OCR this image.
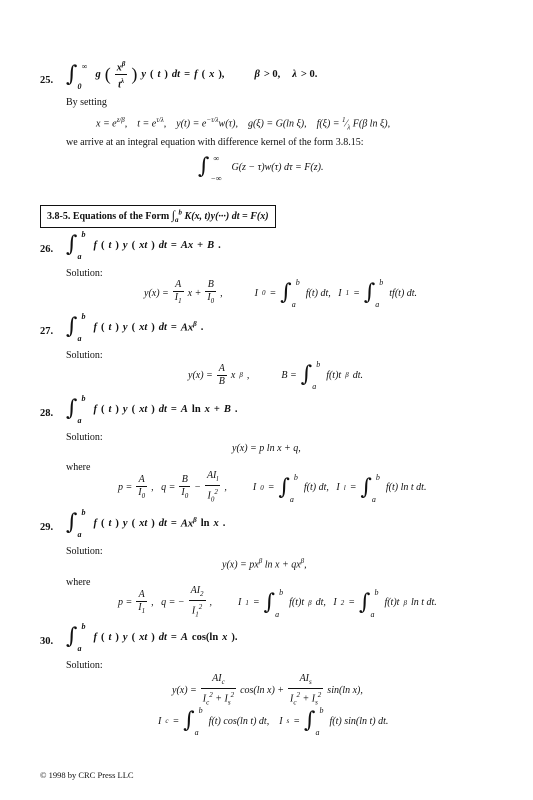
25. ∫ ∞
0
g ( $\frac{x^\beta}{t^\lambda}$ ) y ( t ) dt = f ( x ),	β > 0, λ > 0.
By setting
$x = e^{z/\beta}$,    $t = e^{\tau/\lambda}$,    $y(t) = e^{-\tau/\lambda}w(\tau)$,    g(ξ) = G(ln ξ),    $f(\xi) = ^1⁄_\lambda$ F(β ln ξ),
we arrive at an integral equation with difference kernel of the form 3.8.15:
∫ ∞
−∞
G(z − τ)w(τ) dτ = F(z).
3.8-5. Equations of the Form $\int_a^b$ K(x, t)y(···) dt = F(x)
26. ∫ b
a
f ( t ) y ( xt ) dt = Ax + B .
Solution:
$y(x) = \frac{A}{I_1}$ $x + \frac{B}{I_0}$ ,	I 0 = ∫ b
a
f(t) dt,   I 1 = ∫ b
a
tf(t) dt.
27. ∫ b
a
f ( t ) y ( xt ) dt = $Ax^\beta$ .
Solution:
$y(x) = \frac{A}{B}$ x β ,	B = ∫ b
a
f(t)t β dt.
28. ∫ b
a
f ( t ) y ( xt ) dt = A ln x + B .
Solution:
y(x) = p ln x + q,
where
$p = \frac{A}{I_0}$ ,   $q = \frac{B}{I_0} - \frac{AI_l}{I_0^2}$ ,	I 0 = ∫ b
a
f(t) dt,   I l = ∫ b
a
f(t) ln t dt.
29. ∫ b
a
f ( t ) y ( xt ) dt = $Ax^\beta$ ln x .
Solution:
$y(x) = px^\beta$ $\ln x + qx^\beta$,
where
$p = \frac{A}{I_1}$ ,   q = − $\frac{AI_2}{I_1^2}$ ,	I 1 = ∫ b
a
f(t)t β dt,   I 2 = ∫ b
a
f(t)t β ln t dt.
30. ∫ b
a
f ( t ) y ( xt ) dt = A cos(ln x ).
Solution:
$y(x) = \frac{AI_c}{I_c^2 + I_s^2} \cos(\ln$ $x) + \frac{AI_s}{I_c^2 + I_s^2} \sin(\ln$ x),
I c = ∫ b
a
f(t) cos(ln t) dt,    I s = ∫ b
a
f(t) sin(ln t) dt.
© 1998 by CRC Press LLC
